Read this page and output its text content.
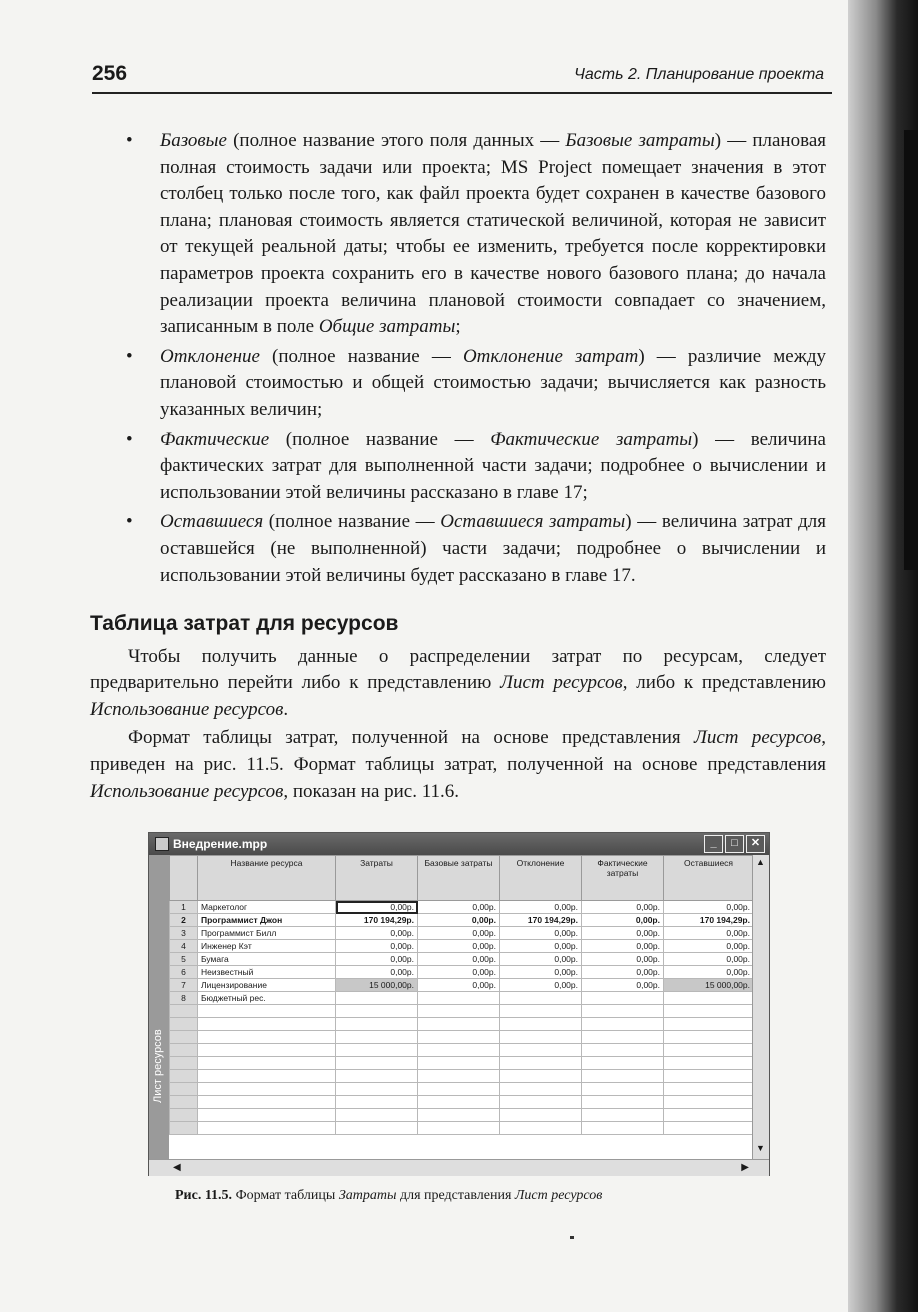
256	Часть 2. Планирование проекта
• Базовые (полное название этого поля данных — Базовые затраты) — плановая полная стоимость задачи или проекта; MS Project помещает значения в этот столбец только после того, как файл проекта будет сохранен в качестве базового плана; плановая стоимость является статической величиной, которая не зависит от текущей реальной даты; чтобы ее изменить, требуется после корректировки параметров проекта сохранить его в качестве нового базового плана; до начала реализации проекта величина плановой стоимости совпадает со значением, записанным в поле Общие затраты;
• Отклонение (полное название — Отклонение затрат) — различие между плановой стоимостью и общей стоимостью задачи; вычисляется как разность указанных величин;
• Фактические (полное название — Фактические затраты) — величина фактических затрат для выполненной части задачи; подробнее о вычислении и использовании этой величины рассказано в главе 17;
• Оставшиеся (полное название — Оставшиеся затраты) — величина затрат для оставшейся (не выполненной) части задачи; подробнее о вычислении и использовании этой величины будет рассказано в главе 17.
Таблица затрат для ресурсов

Чтобы получить данные о распределении затрат по ресурсам, следует предварительно перейти либо к представлению Лист ресурсов, либо к представлению Использование ресурсов.

Формат таблицы затрат, полученной на основе представления Лист ресурсов, приведен на рис. 11.5. Формат таблицы затрат, полученной на основе представления Использование ресурсов, показан на рис. 11.6.

Внедрение.mpp	_	□	✕
Лист ресурсов
	Название ресурса	Затраты	Базовые затраты	Отклонение	Фактические затраты	Оставшиеся
1	Маркетолог	0,00р.	0,00р.	0,00р.	0,00р.	0,00р.
2	Программист Джон	170 194,29р.	0,00р.	170 194,29р.	0,00р.	170 194,29р.
3	Программист Билл	0,00р.	0,00р.	0,00р.	0,00р.	0,00р.
4	Инженер Кэт	0,00р.	0,00р.	0,00р.	0,00р.	0,00р.
5	Бумага	0,00р.	0,00р.	0,00р.	0,00р.	0,00р.
6	Неизвестный	0,00р.	0,00р.	0,00р.	0,00р.	0,00р.
7	Лицензирование	15 000,00р.	0,00р.	0,00р.	0,00р.	15 000,00р.
8	Бюджетный рес.					

▲
▼
◀	▶
Рис. 11.5. Формат таблицы Затраты для представления Лист ресурсов
